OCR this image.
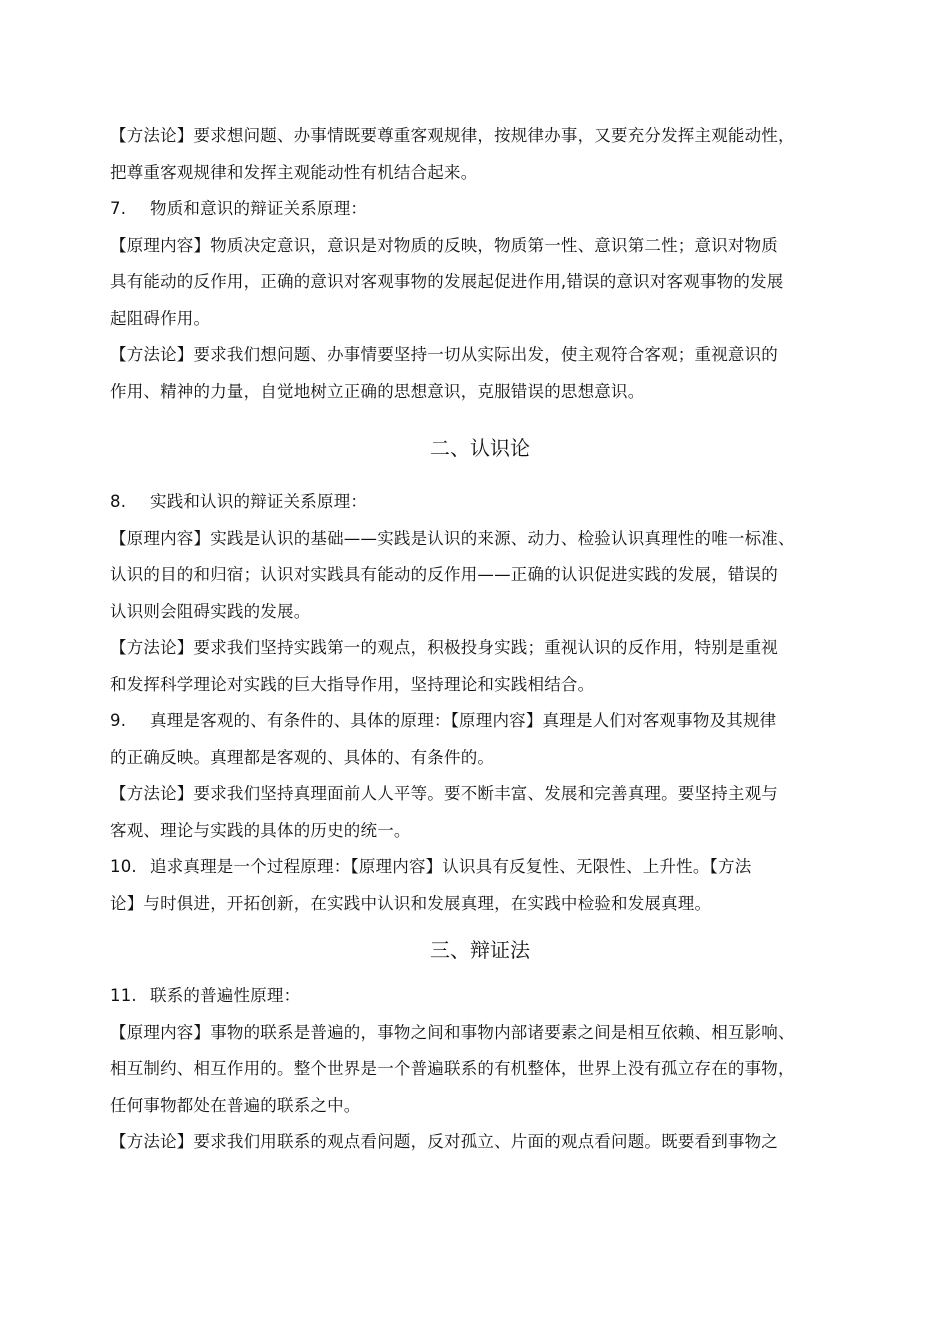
【方法论】要求想问题、办事情既要尊重客观规律，按规律办事，又要充分发挥主观能动性，
把尊重客观规律和发挥主观能动性有机结合起来。
7. 物质和意识的辩证关系原理：
【原理内容】物质决定意识，意识是对物质的反映，物质第一性、意识第二性；意识对物质
具有能动的反作用，正确的意识对客观事物的发展起促进作用,错误的意识对客观事物的发展
起阻碍作用。
【方法论】要求我们想问题、办事情要坚持一切从实际出发，使主观符合客观；重视意识的
作用、精神的力量，自觉地树立正确的思想意识，克服错误的思想意识。
二、认识论
8. 实践和认识的辩证关系原理：
【原理内容】实践是认识的基础——实践是认识的来源、动力、检验认识真理性的唯一标准、
认识的目的和归宿；认识对实践具有能动的反作用——正确的认识促进实践的发展，错误的
认识则会阻碍实践的发展。
【方法论】要求我们坚持实践第一的观点，积极投身实践；重视认识的反作用，特别是重视
和发挥科学理论对实践的巨大指导作用，坚持理论和实践相结合。
9. 真理是客观的、有条件的、具体的原理：【原理内容】真理是人们对客观事物及其规律
的正确反映。真理都是客观的、具体的、有条件的。
【方法论】要求我们坚持真理面前人人平等。要不断丰富、发展和完善真理。要坚持主观与
客观、理论与实践的具体的历史的统一。
10. 追求真理是一个过程原理：【原理内容】认识具有反复性、无限性、上升性。【方法
论】与时俱进，开拓创新，在实践中认识和发展真理，在实践中检验和发展真理。
三、辩证法
11. 联系的普遍性原理：
【原理内容】事物的联系是普遍的，事物之间和事物内部诸要素之间是相互依赖、相互影响、
相互制约、相互作用的。整个世界是一个普遍联系的有机整体，世界上没有孤立存在的事物，
任何事物都处在普遍的联系之中。
【方法论】要求我们用联系的观点看问题，反对孤立、片面的观点看问题。既要看到事物之
